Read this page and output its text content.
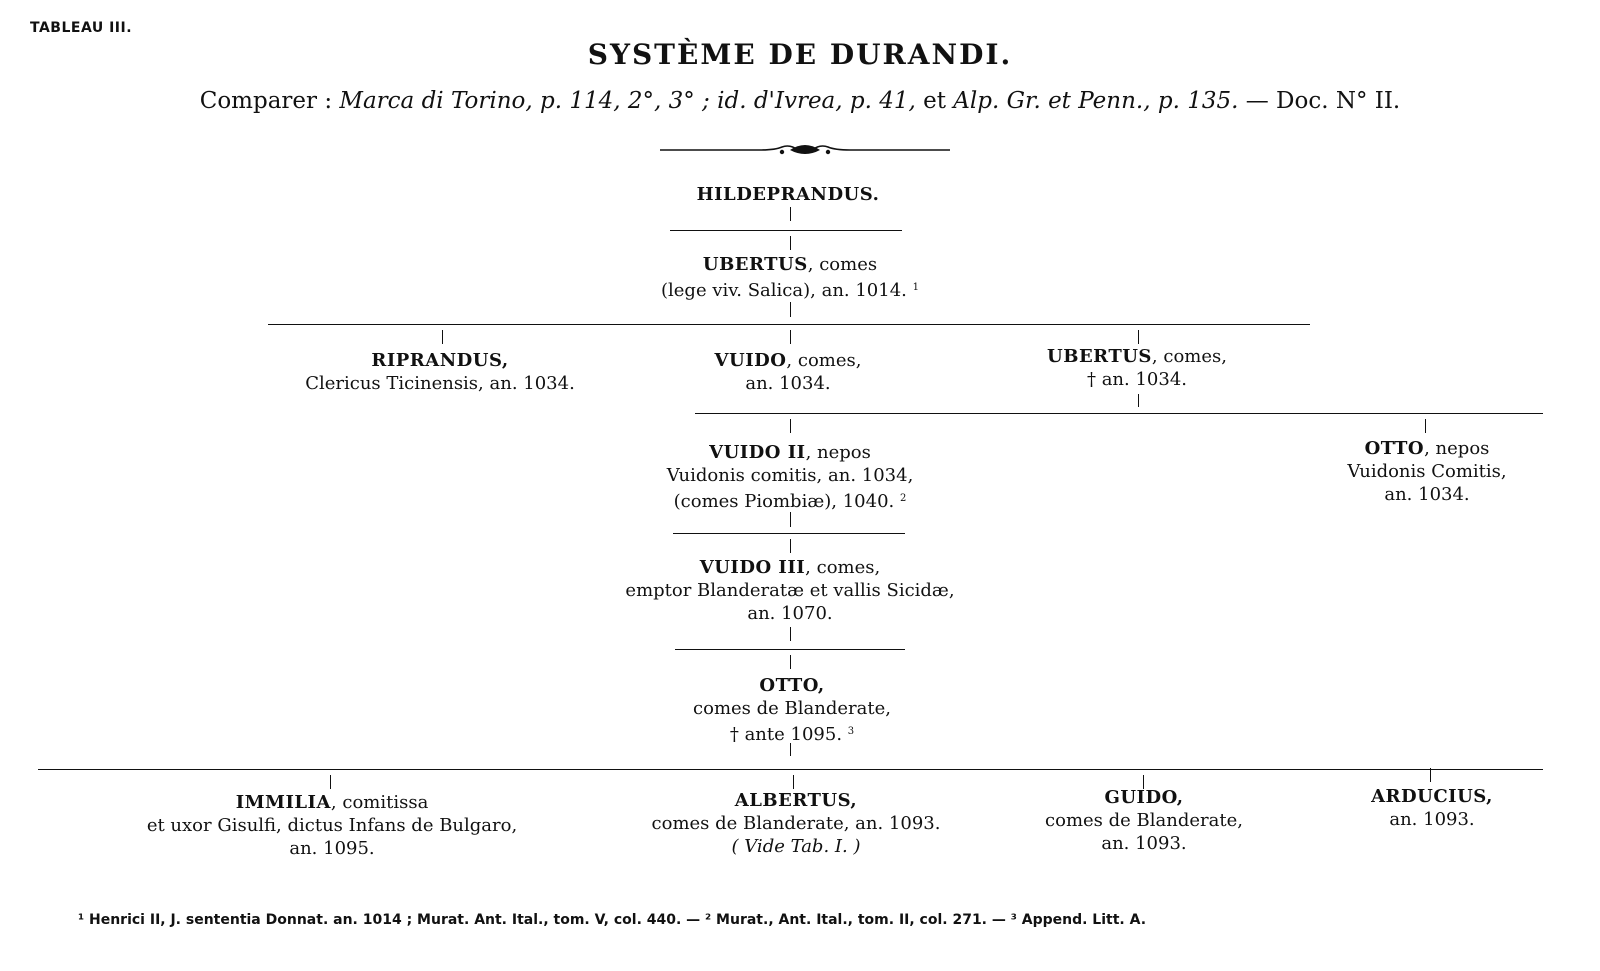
TABLEAU III.
SYSTÈME DE DURANDI.
Comparer : Marca di Torino, p. 114, 2°, 3° ; id. d'Ivrea, p. 41, et Alp. Gr. et Penn., p. 135. — Doc. N° II.
HILDEPRANDUS.
UBERTUS, comes
(lege viv. Salica), an. 1014. $^1$
RIPRANDUS,
Clericus Ticinensis, an. 1034.
VUIDO, comes,
an. 1034.
UBERTUS, comes,
† an. 1034.
VUIDO II, nepos
Vuidonis comitis, an. 1034,
(comes Piombiæ), 1040. $^2$
OTTO, nepos
Vuidonis Comitis,
an. 1034.
VUIDO III, comes,
emptor Blanderatæ et vallis Sicidæ,
an. 1070.
OTTO,
comes de Blanderate,
† ante 1095. $^3$
IMMILIA, comitissa
et uxor Gisulfi, dictus Infans de Bulgaro,
an. 1095.
ALBERTUS,
comes de Blanderate, an. 1093.
( Vide Tab. I. )
GUIDO,
comes de Blanderate,
an. 1093.
ARDUCIUS,
an. 1093.
¹ Henrici II, J. sententia Donnat. an. 1014 ; Murat. Ant. Ital., tom. V, col. 440. — ² Murat., Ant. Ital., tom. II, col. 271. — ³ Append. Litt. A.
